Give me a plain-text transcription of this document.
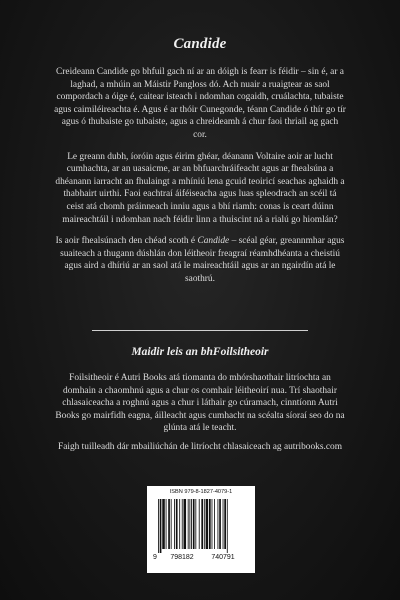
Candide

Creideann Candide go bhfuil gach ní ar an dóigh is fearr is féidir – sin é, ar a laghad, a mhúin an Máistir Pangloss dó. Ach nuair a ruaigtear as saol compordach a óige é, caitear isteach i ndomhan cogaidh, cruálachta, tubaiste agus caimiléireachta é. Agus é ar thóir Cunegonde, téann Candide ó thír go tír agus ó thubaiste go tubaiste, agus a chreideamh á chur faoi thriail ag gach cor.

Le greann dubh, íoróin agus éirim ghéar, déanann Voltaire aoir ar lucht cumhachta, ar an uasaicme, ar an bhfuarchráifeacht agus ar fhealsúna a dhéanann iarracht an fhulaingt a mhíniú lena gcuid teoiricí seachas aghaidh a thabhairt uirthi. Faoi eachtraí áiféiseacha agus luas spleodrach an scéil tá ceist atá chomh práinneach inniu agus a bhí riamh: conas is ceart dúinn maireachtáil i ndomhan nach féidir linn a thuiscint ná a rialú go hiomlán?

Is aoir fhealsúnach den chéad scoth é Candide – scéal géar, greannmhar agus suaiteach a thugann dúshlán don léitheoir freagraí réamhdhéanta a cheistiú agus aird a dhíriú ar an saol atá le maireachtáil agus ar an ngairdín atá le saothrú.

Maidir leis an bhFoilsitheoir

Foilsitheoir é Autri Books atá tiomanta do mhórshaothair litríochta an domhain a chaomhnú agus a chur os comhair léitheoirí nua. Trí shaothair chlasaiceacha a roghnú agus a chur i láthair go cúramach, cinntíonn Autri Books go mairfidh eagna, áilleacht agus cumhacht na scéalta síoraí seo do na glúnta atá le teacht.

Faigh tuilleadh dár mbailiúchán de litríocht chlasaiceach ag autribooks.com

ISBN 979-8-1827-4079-1
9 798182	740791
